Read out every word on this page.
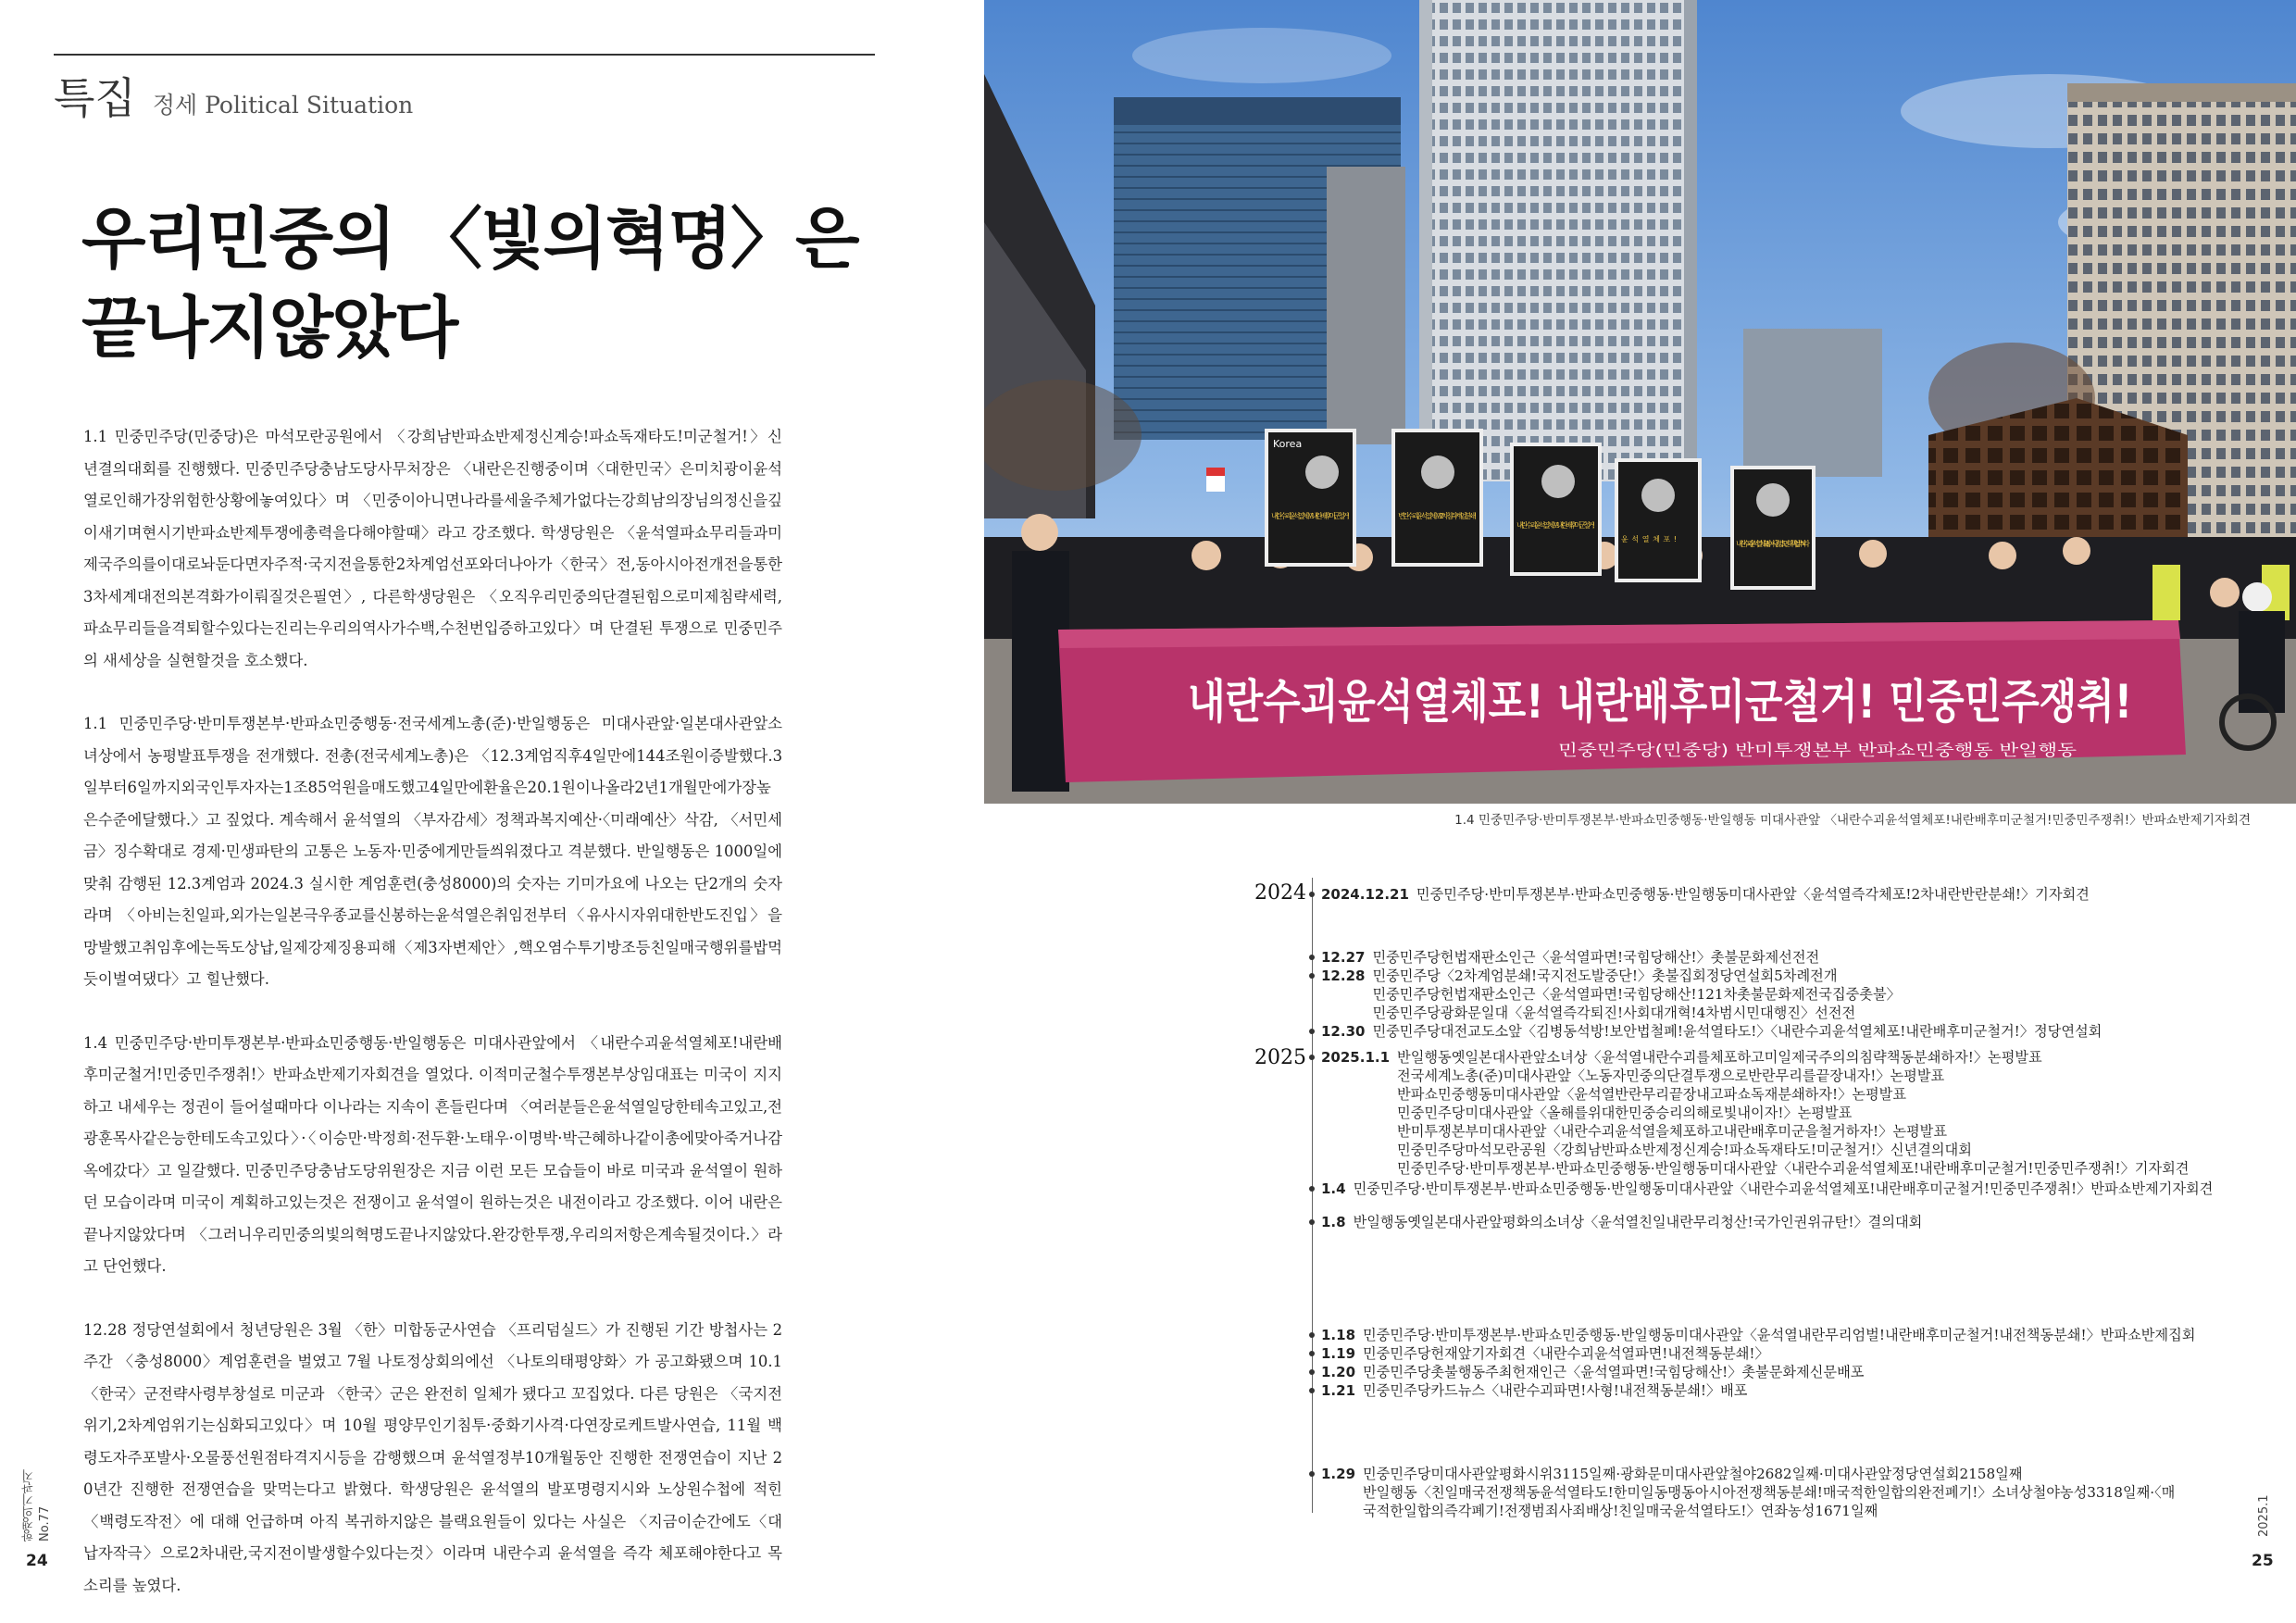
특집 정세 Political Situation
우리민중의 〈빛의혁명〉은
끝나지않았다

1.1 민중민주당(민중당)은 마석모란공원에서 〈강희남반파쇼반제정신계승!파쇼독재타도!미군철거!〉신년결의대회를 진행했다. 민중민주당충남도당사무처장은 〈내란은진행중이며〈대한민국〉은미치광이윤석열로인해가장위험한상황에놓여있다〉며 〈민중이아니면나라를세울주체가없다는강희남의장님의정신을깊이새기며현시기반파쇼반제투쟁에총력을다해야할때〉라고 강조했다. 학생당원은 〈윤석열파쇼무리들과미제국주의를이대로놔둔다면자주적·국지전을통한2차계엄선포와더나아가〈한국〉전,동아시아전개전을통한3차세계대전의본격화가이뤄질것은필연〉, 다른학생당원은 〈오직우리민중의단결된힘으로미제침략세력,파쇼무리들을격퇴할수있다는진리는우리의역사가수백,수천번입증하고있다〉며 단결된 투쟁으로 민중민주의 새세상을 실현할것을 호소했다.

1.1 민중민주당·반미투쟁본부·반파쇼민중행동·전국세계노총(준)·반일행동은 미대사관앞·일본대사관앞소녀상에서 농평발표투쟁을 전개했다. 전총(전국세계노총)은 〈12.3계엄직후4일만에144조원이증발했다.3일부터6일까지외국인투자자는1조85억원을매도했고4일만에환율은20.1원이나올라2년1개월만에가장높은수준에달했다.〉고 짚었다. 계속해서 윤석열의 〈부자감세〉정책과복지예산·〈미래예산〉삭감, 〈서민세금〉징수확대로 경제·민생파탄의 고통은 노동자·민중에게만들씌워졌다고 격분했다. 반일행동은 1000일에 맞춰 감행된 12.3계엄과 2024.3 실시한 계엄훈련(충성8000)의 숫자는 기미가요에 나오는 단2개의 숫자라며 〈아비는친일파,외가는일본극우종교를신봉하는윤석열은취임전부터〈유사시자위대한반도진입〉을망발했고취임후에는독도상납,일제강제징용피해〈제3자변제안〉,핵오염수투기방조등친일매국행위를밥먹듯이벌여댔다〉고 힐난했다.

1.4 민중민주당·반미투쟁본부·반파쇼민중행동·반일행동은 미대사관앞에서 〈내란수괴윤석열체포!내란배후미군철거!민중민주쟁취!〉반파쇼반제기자회견을 열었다. 이적미군철수투쟁본부상임대표는 미국이 지지하고 내세우는 정권이 들어설때마다 이나라는 지속이 흔들린다며 〈여러분들은윤석열일당한테속고있고,전광훈목사같은능한테도속고있다〉·〈이승만·박정희·전두환·노태우·이명박·박근혜하나같이총에맞아죽거나감옥에갔다〉고 일갈했다. 민중민주당충남도당위원장은 지금 이런 모든 모습들이 바로 미국과 윤석열이 원하던 모습이라며 미국이 계획하고있는것은 전쟁이고 윤석열이 원하는것은 내전이라고 강조했다. 이어 내란은 끝나지않았다며 〈그러니우리민중의빛의혁명도끝나지않았다.완강한투쟁,우리의저항은계속될것이다.〉라고 단언했다.

12.28 정당연설회에서 청년당원은 3월 〈한〉미합동군사연습 〈프리덤실드〉가 진행된 기간 방첩사는 2주간 〈충성8000〉계엄훈련을 벌였고 7월 나토정상회의에선 〈나토의태평양화〉가 공고화됐으며 10.1 〈한국〉군전략사령부창설로 미군과 〈한국〉군은 완전히 일체가 됐다고 꼬집었다. 다른 당원은 〈국지전위기,2차계엄위기는심화되고있다〉며 10월 평양무인기침투·중화기사격·다연장로케트발사연습, 11월 백령도자주포발사·오물풍선원점타격지시등을 감행했으며 윤석열정부10개월동안 진행한 전쟁연습이 지난 20년간 진행한 전쟁연습을 맞먹는다고 밝혔다. 학생당원은 윤석열의 발포명령지시와 노상원수첩에 적힌 〈백령도작전〉에 대해 언급하며 아직 복귀하지않은 블랙요원들이 있다는 사실은 〈지금이순간에도〈대납자작극〉으로2차내란,국지전이발생할수있다는것〉이라며 내란수괴 윤석열을 즉각 체포해야한다고 목소리를 높였다.

항쟁의기관지 No.77
24
Korea
내란수괴 윤석열체포! 내란배후 미군철거!	변란수괴 윤석열체포! 2차침략계엄분쇄!
내란수괴 윤석열체포! 내란배후 미군철거!
윤석열체포!
내란수괴 윤석열체포! 김여사 공범도 연대책임 밝혀라
내란수괴윤석열체포! 내란배후미군철거! 민중민주쟁취!
민중민주당(민중당) 반미투쟁본부 반파쇼민중행동 반일행동
1.4 민중민주당·반미투쟁본부·반파쇼민중행동·반일행동 미대사관앞 〈내란수괴윤석열체포!내란배후미군철거!민중민주쟁취!〉반파쇼반제기자회견
2024
2025
2024.12.21 민중민주당·반미투쟁본부·반파쇼민중행동·반일행동미대사관앞〈윤석열즉각체포!2차내란반란분쇄!〉기자회견
12.27 민중민주당헌법재판소인근〈윤석열파면!국힘당해산!〉촛불문화제선전전
12.28 민중민주당〈2차계엄분쇄!국지전도발중단!〉촛불집회정당연설회5차례전개
민중민주당헌법재판소인근〈윤석열파면!국힘당해산!121차촛불문화제전국집중촛불〉
민중민주당광화문일대〈윤석열즉각퇴진!사회대개혁!4차범시민대행진〉선전전
12.30 민중민주당대전교도소앞〈김병동석방!보안법철폐!윤석열타도!〉〈내란수괴윤석열체포!내란배후미군철거!〉정당연설회
2025.1.1 반일행동옛일본대사관앞소녀상〈윤석열내란수괴를체포하고미일제국주의의침략책동분쇄하자!〉논평발표
전국세계노총(준)미대사관앞〈노동자민중의단결투쟁으로반란무리를끝장내자!〉논평발표
반파쇼민중행동미대사관앞〈윤석열반란무리끝장내고파쇼독재분쇄하자!〉논평발표
민중민주당미대사관앞〈올해를위대한민중승리의해로빛내이자!〉논평발표
반미투쟁본부미대사관앞〈내란수괴윤석열을체포하고내란배후미군을철거하자!〉논평발표
민중민주당마석모란공원〈강희남반파쇼반제정신계승!파쇼독재타도!미군철거!〉신년결의대회
민중민주당·반미투쟁본부·반파쇼민중행동·반일행동미대사관앞〈내란수괴윤석열체포!내란배후미군철거!민중민주쟁취!〉기자회견
1.4 민중민주당·반미투쟁본부·반파쇼민중행동·반일행동미대사관앞〈내란수괴윤석열체포!내란배후미군철거!민중민주쟁취!〉반파쇼반제기자회견
1.8 반일행동옛일본대사관앞평화의소녀상〈윤석열친일내란무리청산!국가인권위규탄!〉결의대회
1.18 민중민주당·반미투쟁본부·반파쇼민중행동·반일행동미대사관앞〈윤석열내란무리엄벌!내란배후미군철거!내전책동분쇄!〉반파쇼반제집회
1.19 민중민주당헌재앞기자회견〈내란수괴윤석열파면!내전책동분쇄!〉
1.20 민중민주당촛불행동주최헌재인근〈윤석열파면!국힘당해산!〉촛불문화제신문배포
1.21 민중민주당카드뉴스〈내란수괴파면!사형!내전책동분쇄!〉배포
1.29 민중민주당미대사관앞평화시위3115일째·광화문미대사관앞철야2682일째·미대사관앞정당연설회2158일째
반일행동〈친일매국전쟁책동윤석열타도!한미일동맹동아시아전쟁책동분쇄!매국적한일합의완전폐기!〉소녀상철야농성3318일째·〈매
국적한일합의즉각폐기!전쟁범죄사죄배상!친일매국윤석열타도!〉연좌농성1671일째	2025.1
25
